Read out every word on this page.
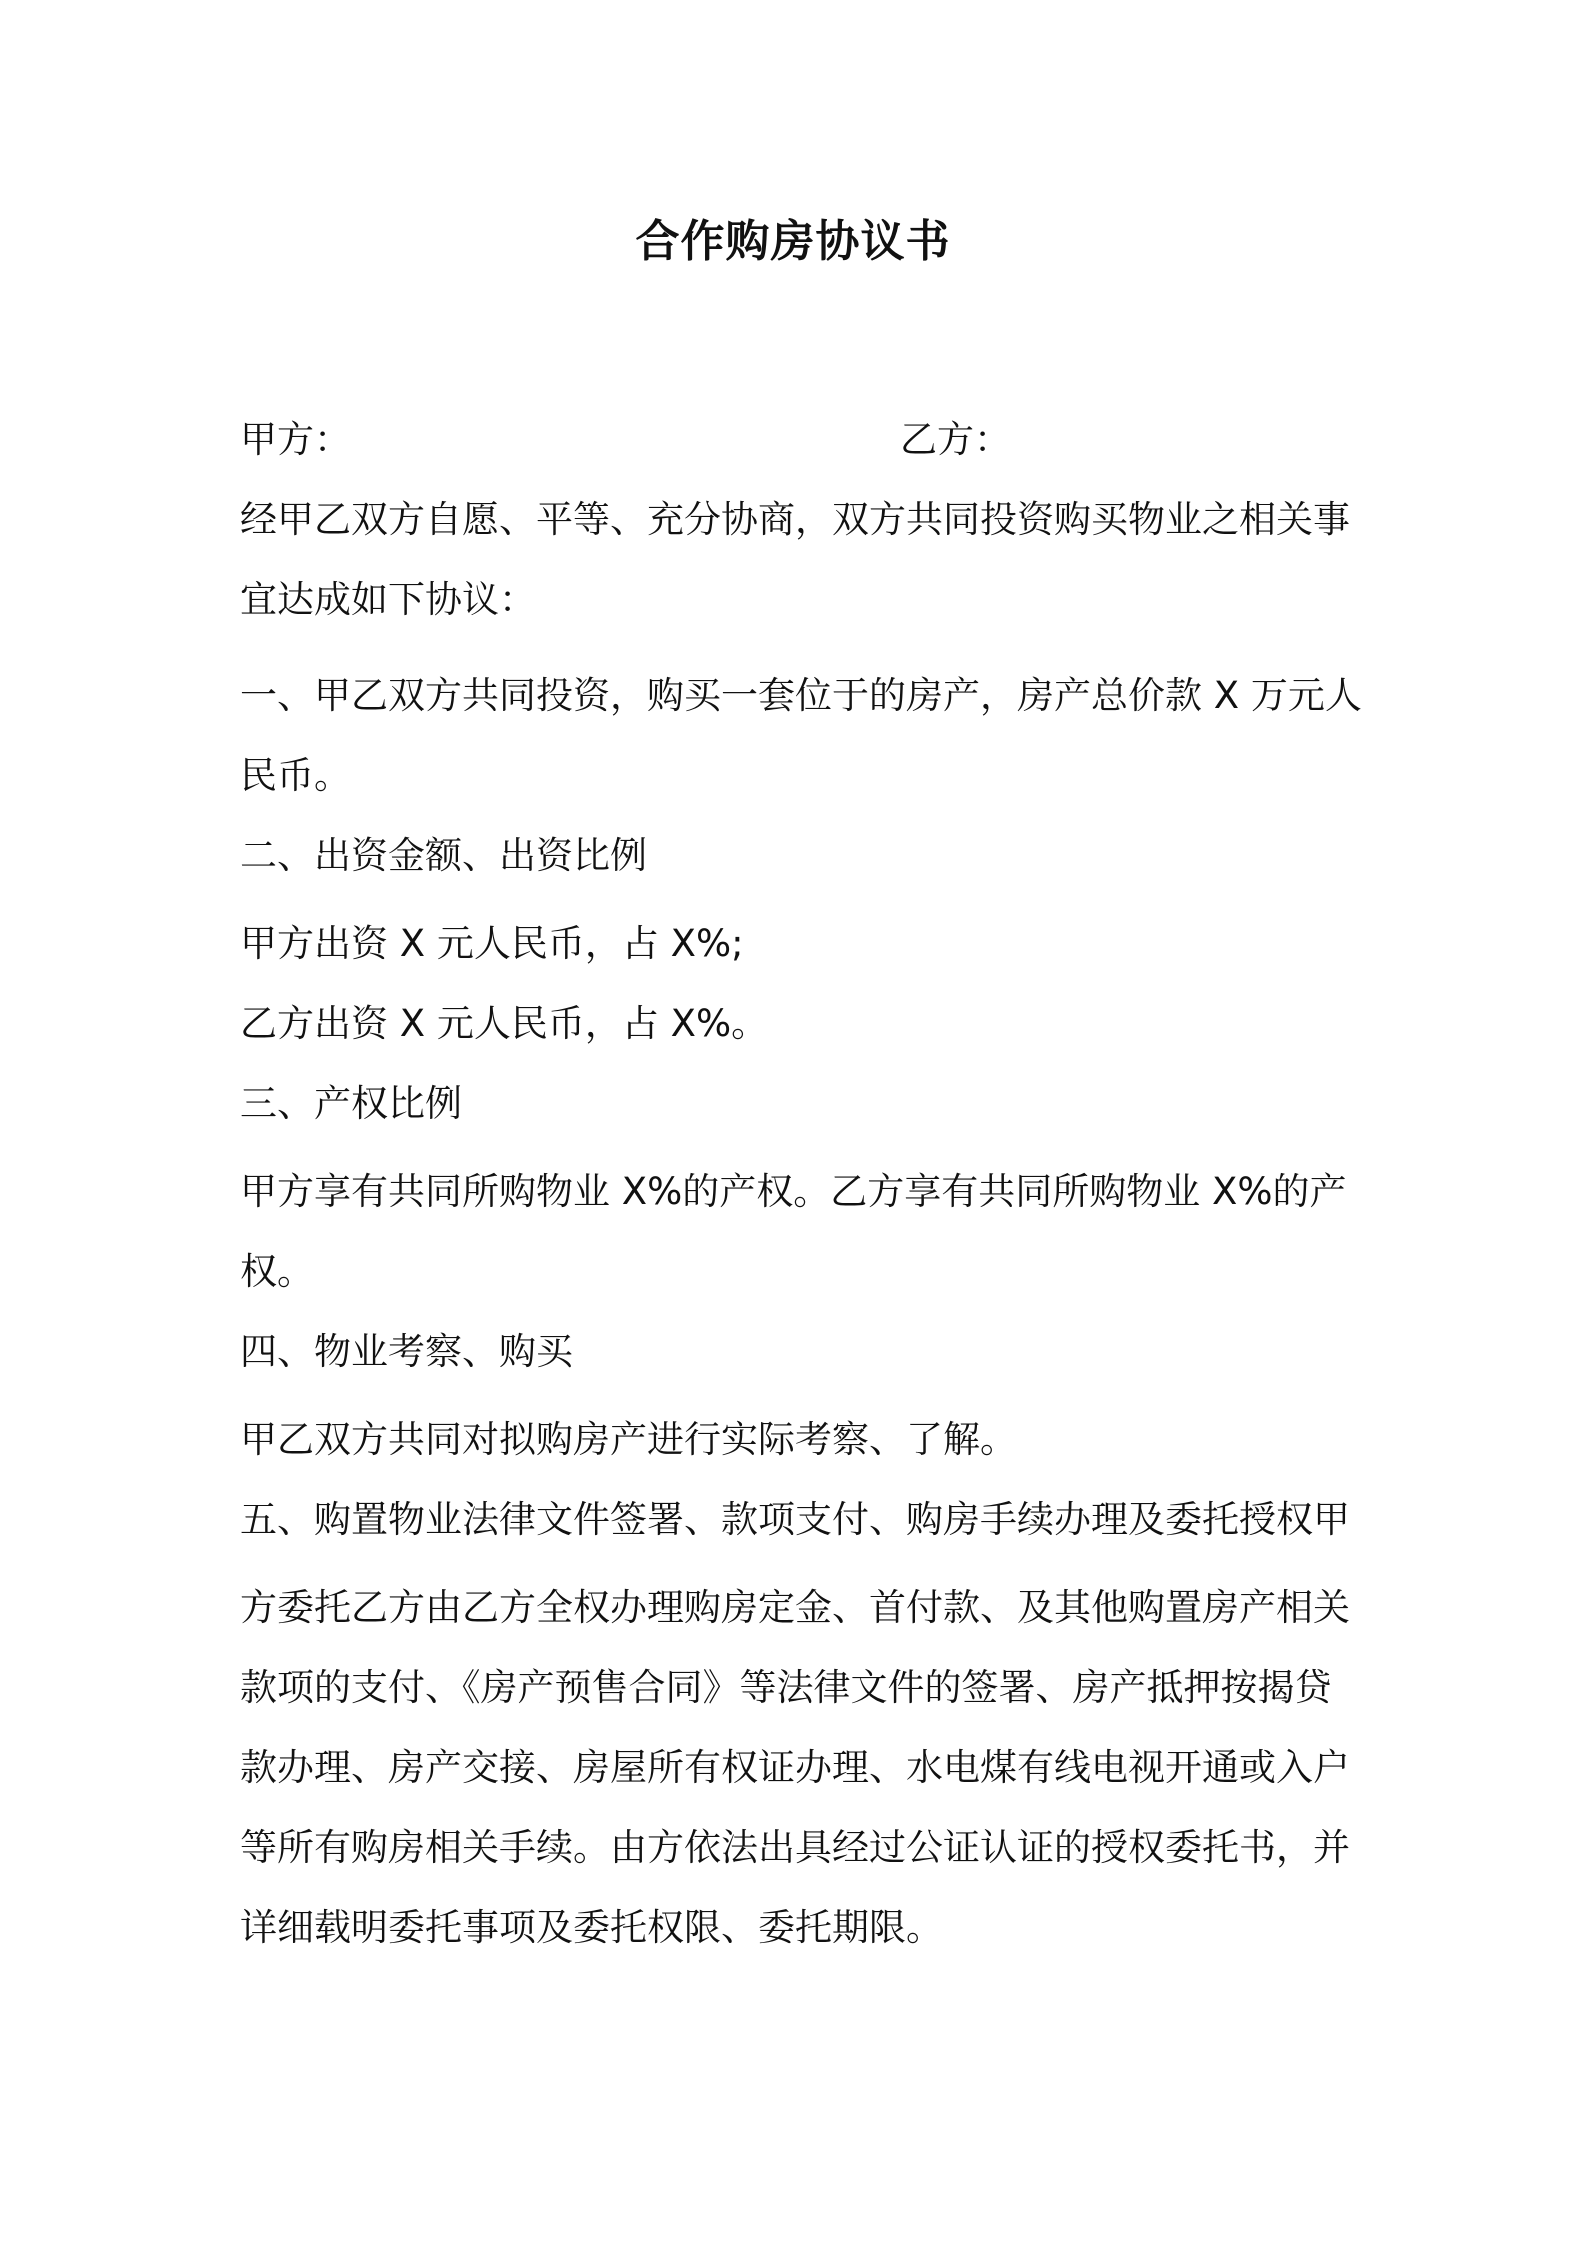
合作购房协议书
甲方：	乙方：
经甲乙双方自愿、平等、充分协商，双方共同投资购买物业之相关事
宜达成如下协议：
一、甲乙双方共同投资，购买一套位于的房产，房产总价款 X 万元人
民币。
二、出资金额、出资比例
甲方出资 X 元人民币，占 X%;
乙方出资 X 元人民币，占 X%。
三、产权比例
甲方享有共同所购物业 X%的产权。乙方享有共同所购物业 X%的产
权。
四、物业考察、购买
甲乙双方共同对拟购房产进行实际考察、了解。
五、购置物业法律文件签署、款项支付、购房手续办理及委托授权甲
方委托乙方由乙方全权办理购房定金、首付款、及其他购置房产相关
款项的支付、《房产预售合同》等法律文件的签署、房产抵押按揭贷
款办理、房产交接、房屋所有权证办理、水电煤有线电视开通或入户
等所有购房相关手续。由方依法出具经过公证认证的授权委托书，并
详细载明委托事项及委托权限、委托期限。
